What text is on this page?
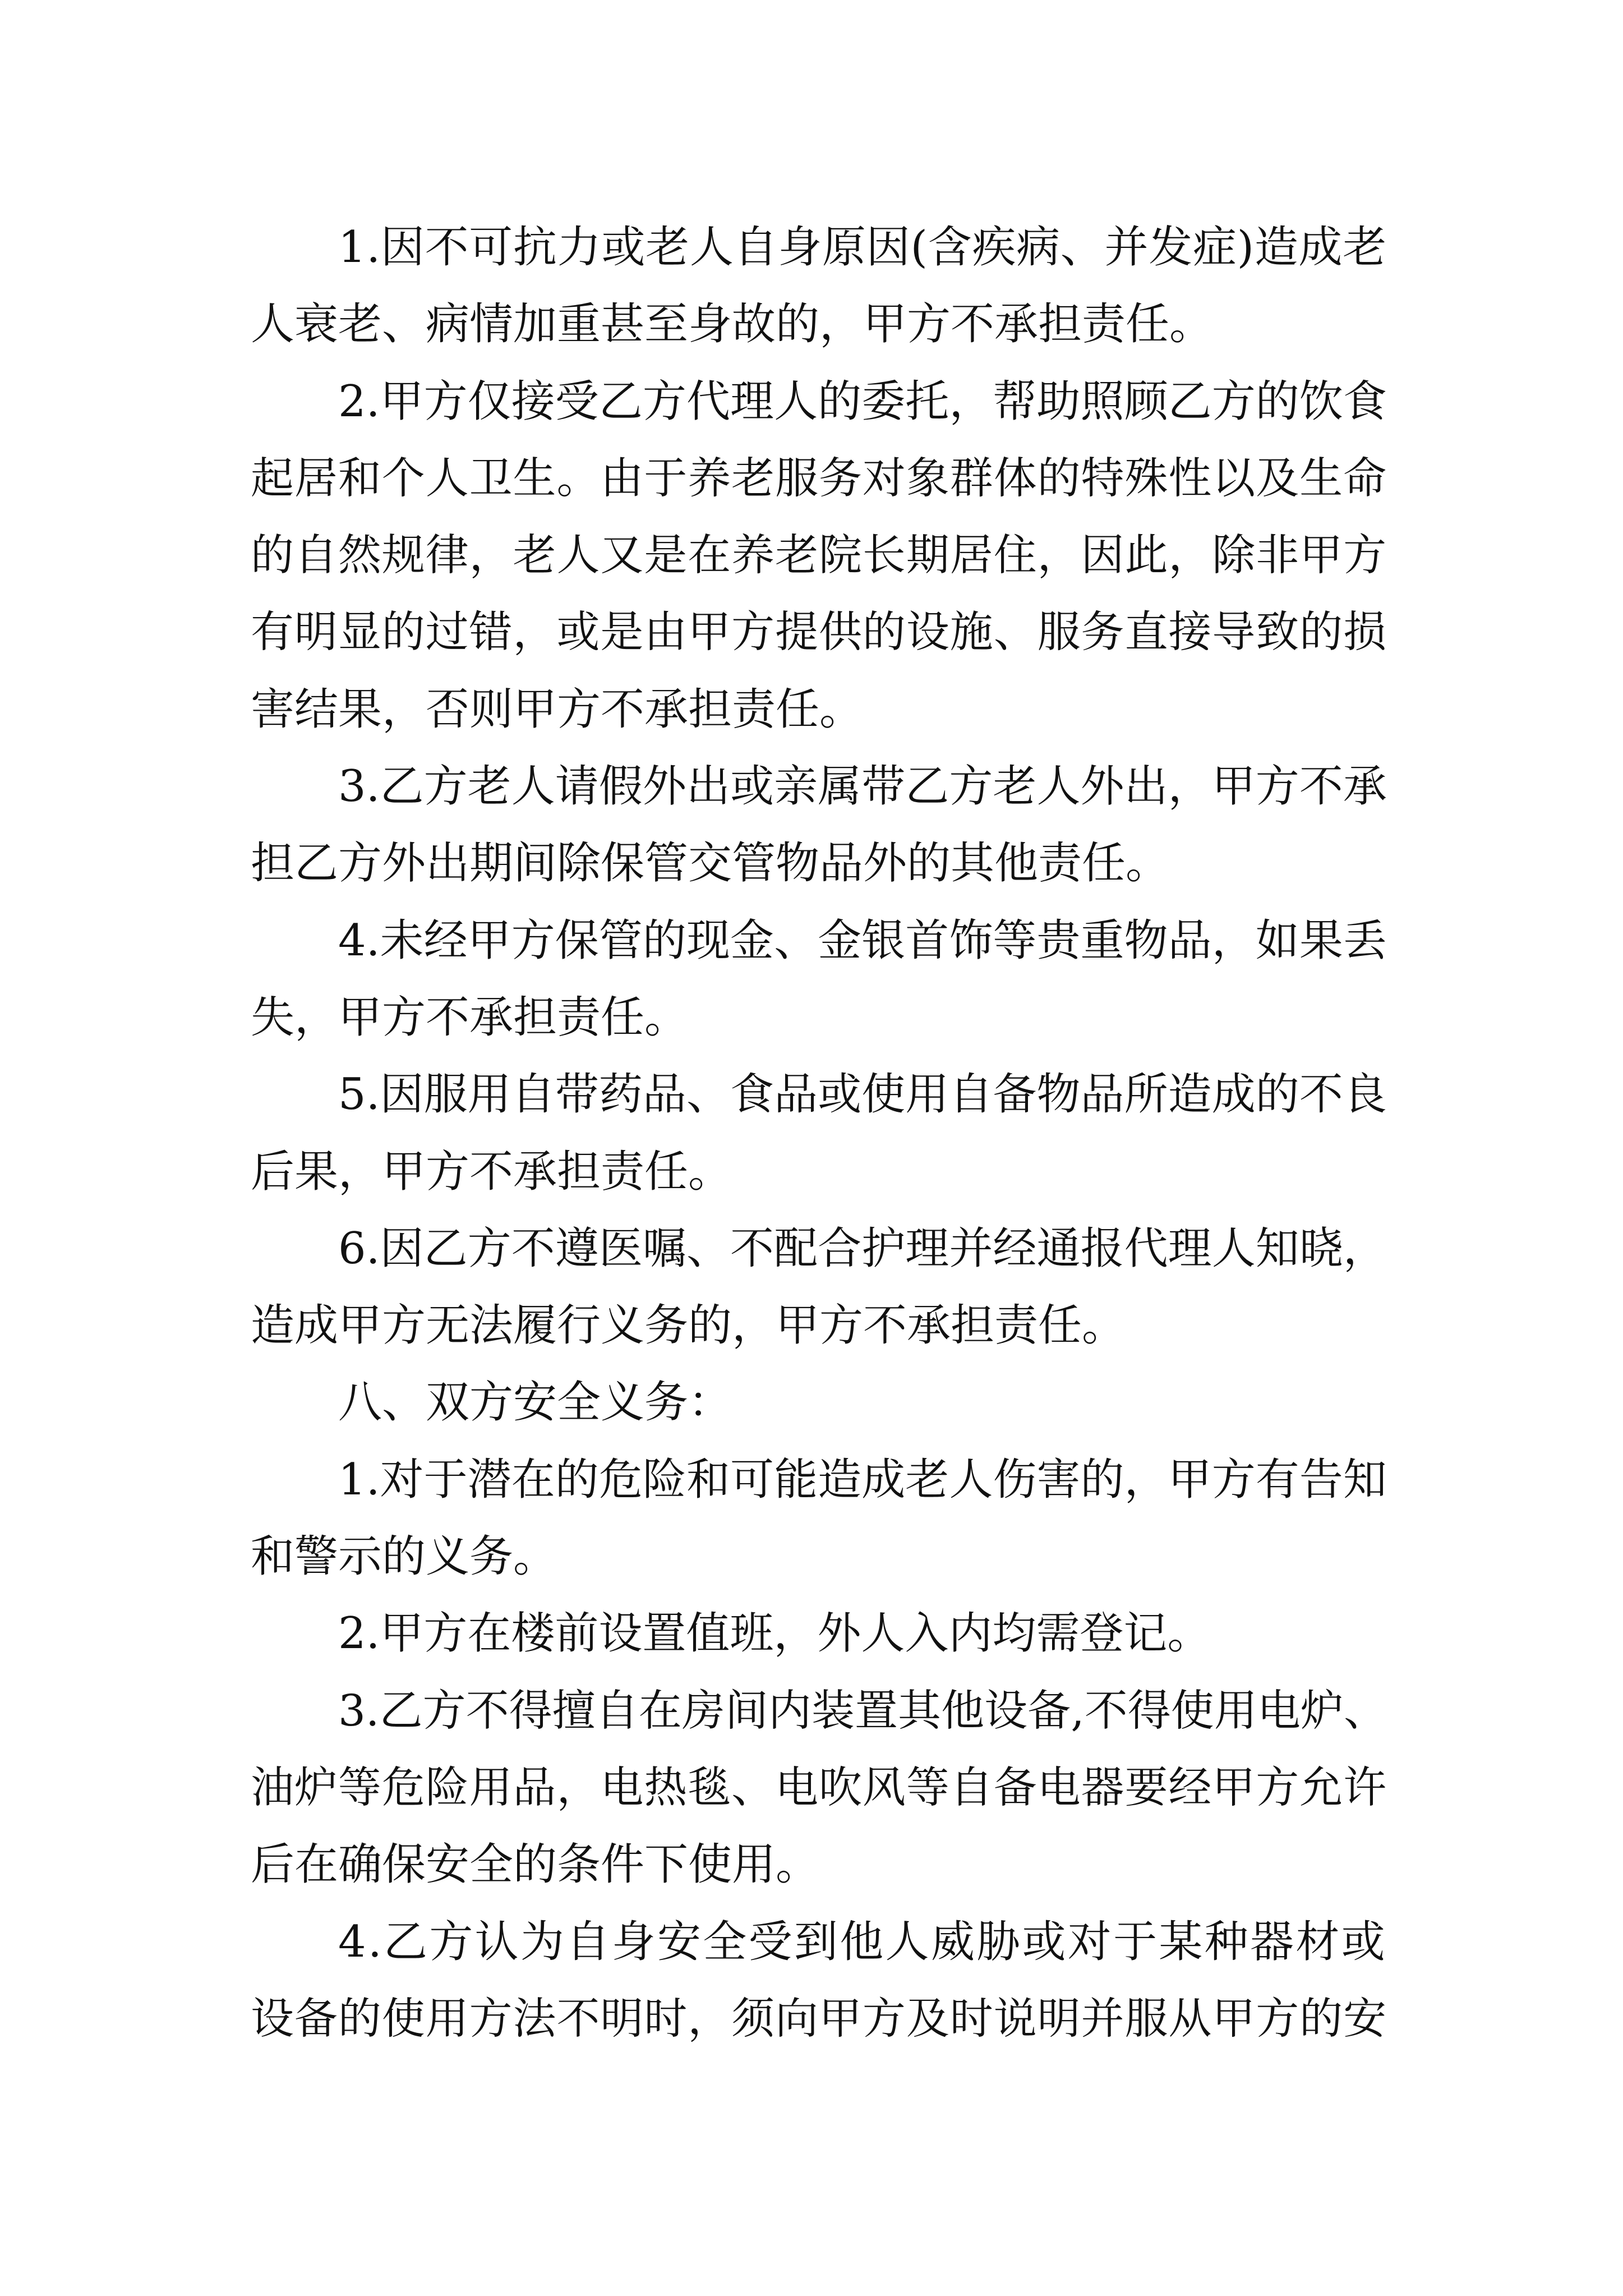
1.因不可抗力或老人自身原因(含疾病、并发症)造成老
人衰老、病情加重甚至身故的，甲方不承担责任。
2.甲方仅接受乙方代理人的委托，帮助照顾乙方的饮食
起居和个人卫生。由于养老服务对象群体的特殊性以及生命
的自然规律，老人又是在养老院长期居住，因此，除非甲方
有明显的过错，或是由甲方提供的设施、服务直接导致的损
害结果，否则甲方不承担责任。
3.乙方老人请假外出或亲属带乙方老人外出，甲方不承
担乙方外出期间除保管交管物品外的其他责任。
4.未经甲方保管的现金、金银首饰等贵重物品，如果丢
失，甲方不承担责任。
5.因服用自带药品、食品或使用自备物品所造成的不良
后果，甲方不承担责任。
6.因乙方不遵医嘱、不配合护理并经通报代理人知晓，
造成甲方无法履行义务的，甲方不承担责任。
八、双方安全义务：
1.对于潜在的危险和可能造成老人伤害的，甲方有告知
和警示的义务。
2.甲方在楼前设置值班，外人入内均需登记。
3.乙方不得擅自在房间内装置其他设备,不得使用电炉、
油炉等危险用品，电热毯、电吹风等自备电器要经甲方允许
后在确保安全的条件下使用。
4.乙方认为自身安全受到他人威胁或对于某种器材或
设备的使用方法不明时，须向甲方及时说明并服从甲方的安
